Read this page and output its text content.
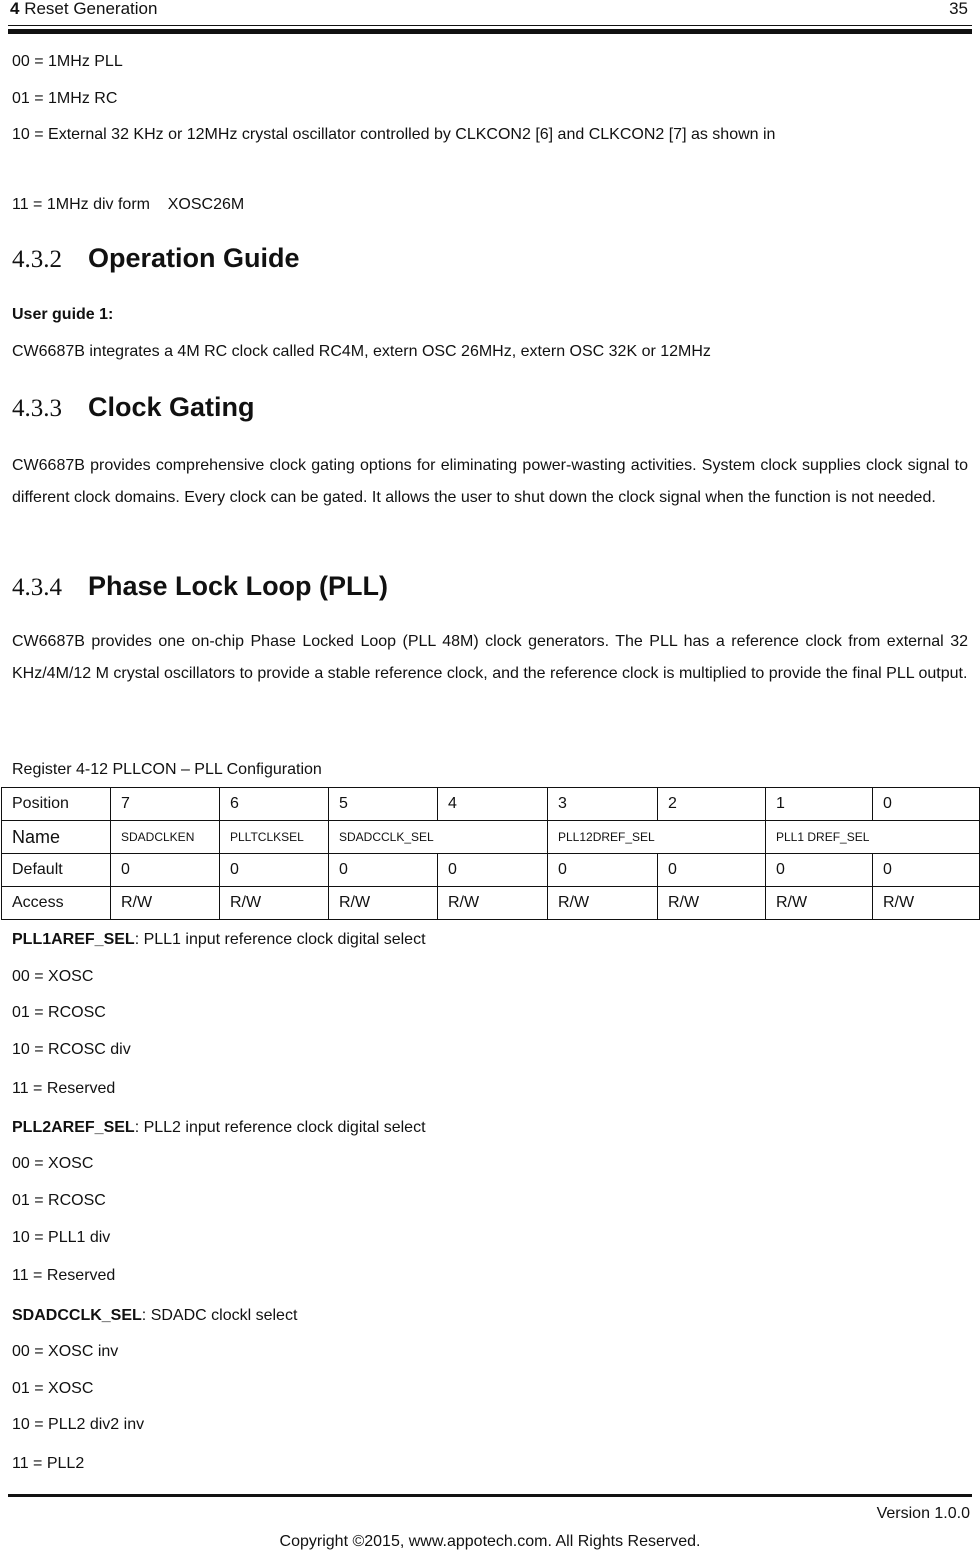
4 Reset Generation	35
00 = 1MHz PLL
01 = 1MHz RC
10 = External 32 KHz or 12MHz crystal oscillator controlled by CLKCON2 [6] and CLKCON2 [7] as shown in
11 = 1MHz div form    XOSC26M
4.3.2 Operation Guide
User guide 1:
CW6687B integrates a 4M RC clock called RC4M, extern OSC 26MHz, extern OSC 32K or 12MHz
4.3.3 Clock Gating
CW6687B provides comprehensive clock gating options for eliminating power-wasting activities. System clock supplies clock signal to different clock domains. Every clock can be gated. It allows the user to shut down the clock signal when the function is not needed.
4.3.4 Phase Lock Loop (PLL)
CW6687B provides one on-chip Phase Locked Loop (PLL 48M) clock generators. The PLL has a reference clock from external 32 KHz/4M/12 M crystal oscillators to provide a stable reference clock, and the reference clock is multiplied to provide the final PLL output.
Register 4-12 PLLCON – PLL Configuration
Position	7	6	5	4	3	2	1	0
Name	SDADCLKEN	PLLTCLKSEL	SDADCCLK_SEL		PLL12DREF_SEL		PLL1 DREF_SEL	
Default	0	0	0	0	0	0	0	0
Access	R/W	R/W	R/W	R/W	R/W	R/W	R/W	R/W
PLL1AREF_SEL: PLL1 input reference clock digital select
00 = XOSC
01 = RCOSC
10 = RCOSC div
11 = Reserved
PLL2AREF_SEL: PLL2 input reference clock digital select
00 = XOSC
01 = RCOSC
10 = PLL1 div
11 = Reserved
SDADCCLK_SEL: SDADC clockl select
00 = XOSC inv
01 = XOSC
10 = PLL2 div2 inv
11 = PLL2
Version 1.0.0
Copyright ©2015, www.appotech.com. All Rights Reserved.
